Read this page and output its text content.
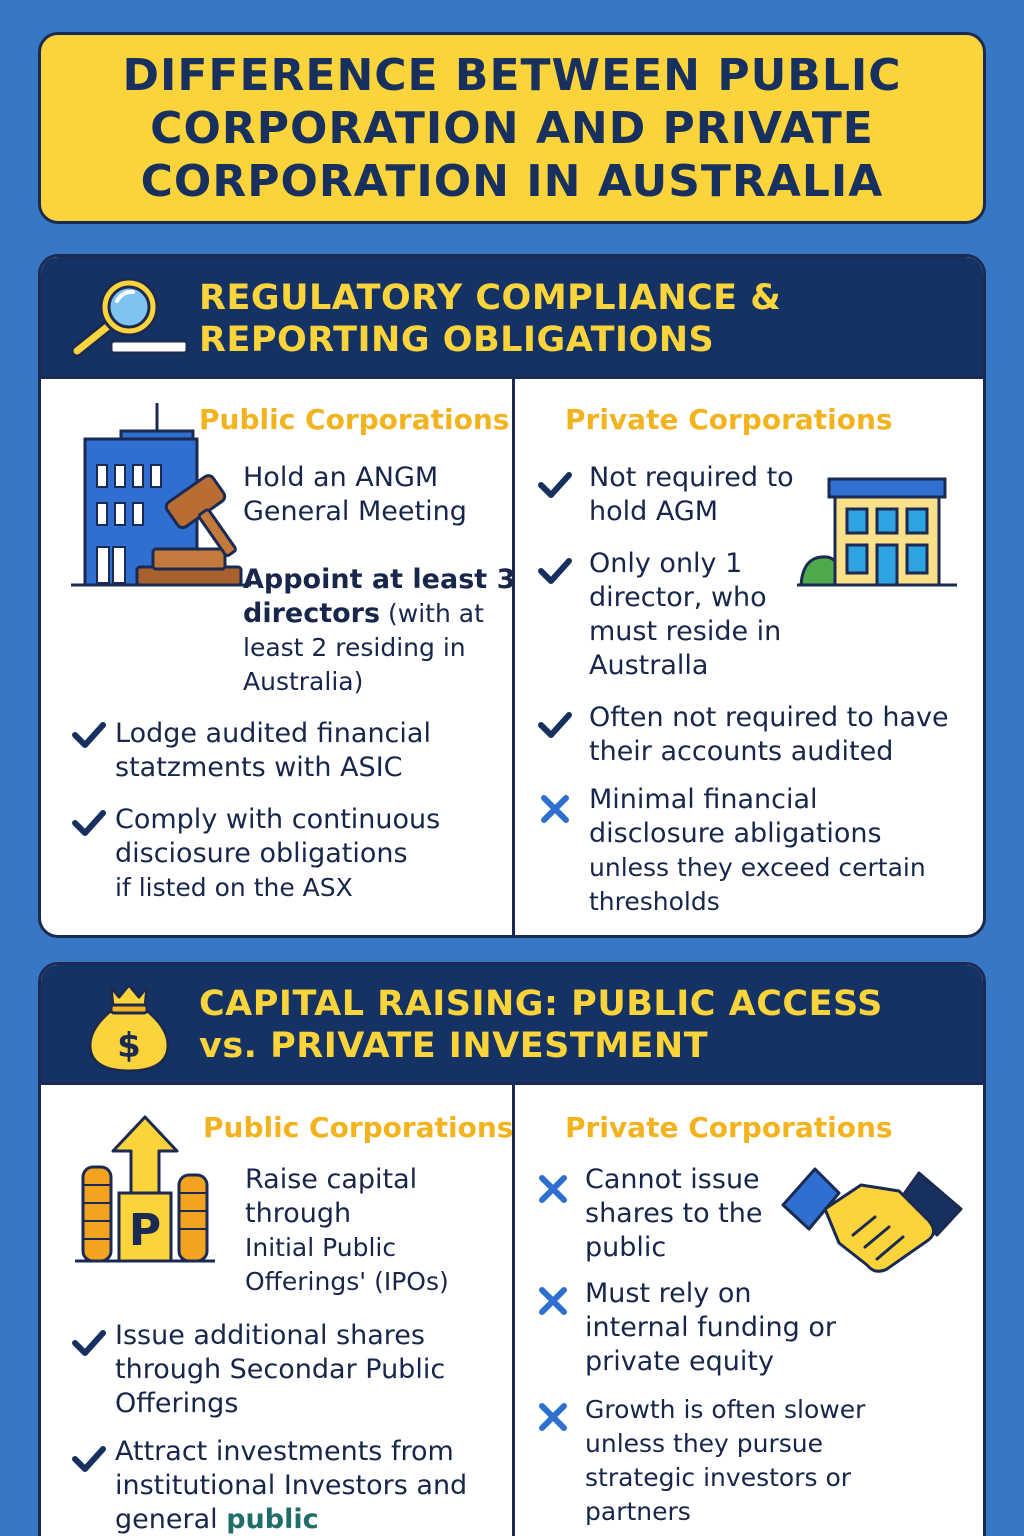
DIFFERENCE BETWEEN PUBLIC
CORPORATION AND PRIVATE
CORPORATION IN AUSTRALIA
REGULATORY COMPLIANCE &
REPORTING OBLIGATIONS
Public Corporations
Hold an ANGM
General Meeting
Appoint at least 3
directors (with at
least 2 residing in
Australia)
Lodge audited financial
statzments with ASIC
Comply with continuous
disciosure obligations
if listed on the ASX
Private Corporations
Not required to
hold AGM
Only only 1
director, who
must reside in
Australla
Often not required to have
their accounts audited
Minimal financial
disclosure abligations
unless they exceed certain
thresholds
$
CAPITAL RAISING: PUBLIC ACCESS
vs. PRIVATE INVESTMENT
Public Corporations
P
Raise capital
through
Initial Public
Offerings' (IPOs)
Issue additional shares
through Secondar Public
Offerings
Attract investments from
institutional Investors and
general public
Private Corporations
Cannot issue
shares to the
public
Must rely on
internal funding or
private equity
Growth is often slower
unless they pursue
strategic investors or
partners
